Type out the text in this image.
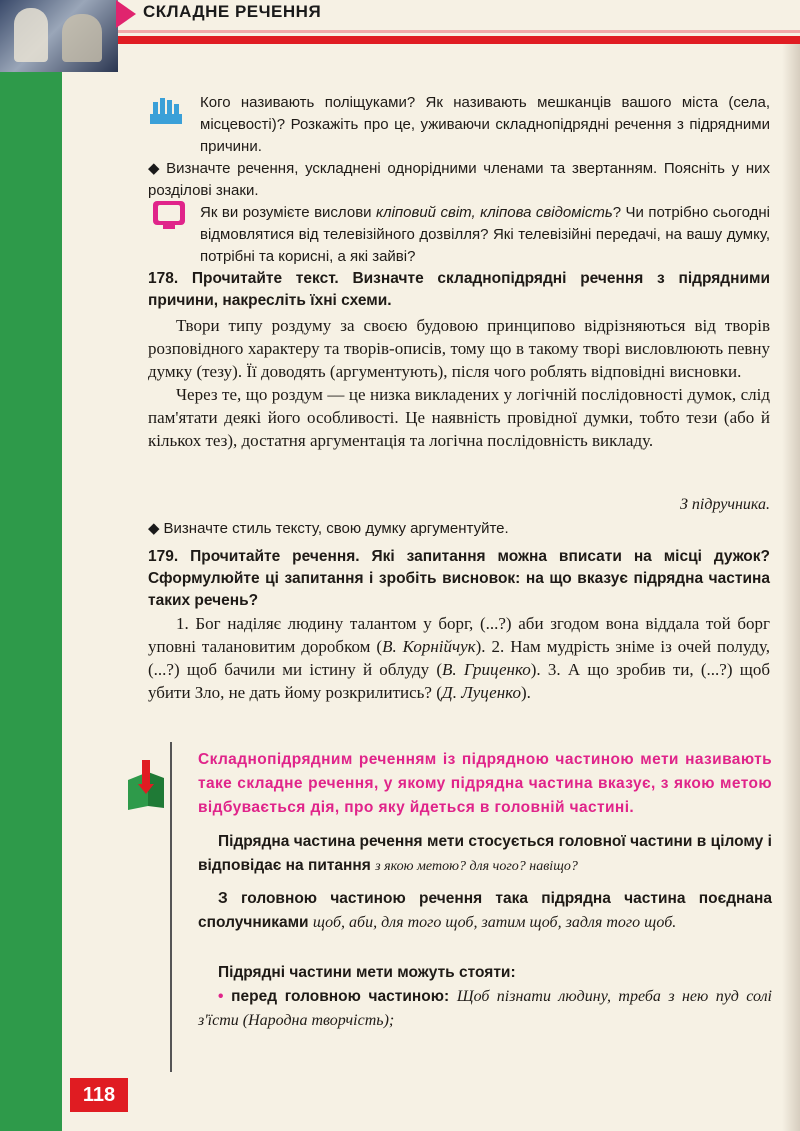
СКЛАДНЕ РЕЧЕННЯ

Кого називають поліщуками? Як називають мешканців вашого міста (села, місцевості)? Розкажіть про це, уживаючи складнопідрядні речення з підрядними причини.

◆ Визначте речення, ускладнені однорідними членами та звертанням. Поясніть у них розділові знаки.

Як ви розумієте вислови кліповий світ, кліпова свідомість? Чи потрібно сьогодні відмовлятися від телевізійного дозвілля? Які телевізійні передачі, на вашу думку, потрібні та корисні, а які зайві?

178. Прочитайте текст. Визначте складнопідрядні речення з підрядними причини, накресліть їхні схеми.

Твори типу роздуму за своєю будовою принципово відрізняються від творів розповідного характеру та творів-описів, тому що в такому творі висловлюють певну думку (тезу). Її доводять (аргументують), після чого роблять відповідні висновки.

Через те, що роздум — це низка викладених у логічній послідовності думок, слід пам'ятати деякі його особливості. Це наявність провідної думки, тобто тези (або й кількох тез), достатня аргументація та логічна послідовність викладу.

З підручника.

◆ Визначте стиль тексту, свою думку аргументуйте.

179. Прочитайте речення. Які запитання можна вписати на місці дужок? Сформулюйте ці запитання і зробіть висновок: на що вказує підрядна частина таких речень?

1. Бог наділяє людину талантом у борг, (...?) аби згодом вона віддала той борг уповні талановитим доробком (В. Корнійчук). 2. Нам мудрість зніме із очей полуду, (...?) щоб бачили ми істину й облуду (В. Гриценко). 3. А що зробив ти, (...?) щоб убити Зло, не дать йому розкрилитись? (Д. Луценко).

Складнопідрядним реченням із підрядною частиною мети називають таке складне речення, у якому підрядна частина вказує, з якою метою відбувається дія, про яку йдеться в головній частині.

Підрядна частина речення мети стосується головної частини в цілому і відповідає на питання з якою метою? для чого? навіщо?

З головною частиною речення така підрядна частина поєднана сполучниками щоб, аби, для того щоб, затим щоб, задля того щоб.

Підрядні частини мети можуть стояти:

• перед головною частиною: Щоб пізнати людину, треба з нею пуд солі з'їсти (Народна творчість);

118
